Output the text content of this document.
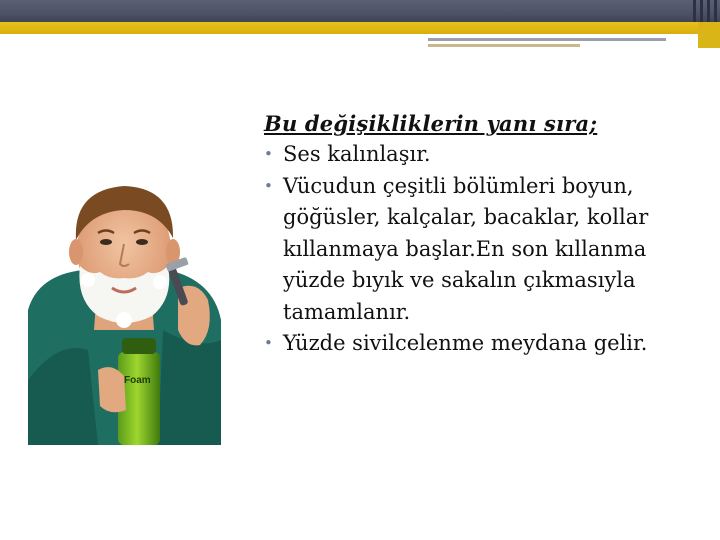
Foam
Bu değişikliklerin yanı sıra;
• Ses kalınlaşır.
• Vücudun çeşitli bölümleri boyun, göğüsler, kalçalar, bacaklar, kollar kıllanmaya başlar.En son kıllanma yüzde bıyık ve sakalın çıkmasıyla tamamlanır.
• Yüzde sivilcelenme meydana gelir.
